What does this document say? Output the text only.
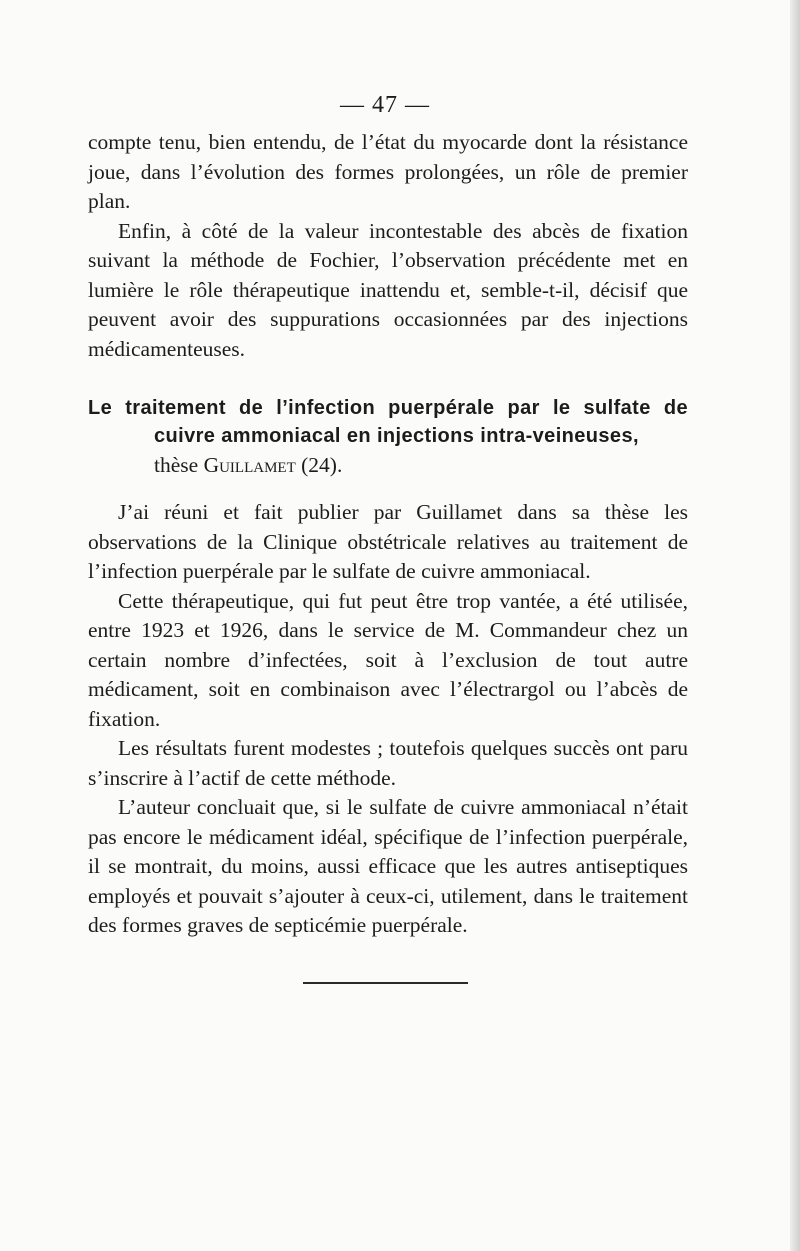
— 47 —

compte tenu, bien entendu, de l’état du myocarde dont la résistance joue, dans l’évolution des formes prolongées, un rôle de premier plan.

Enfin, à côté de la valeur incontestable des abcès de fixation suivant la méthode de Fochier, l’observation précédente met en lumière le rôle thérapeutique inattendu et, semble-t-il, décisif que peuvent avoir des suppurations occasionnées par des injections médicamenteuses.

Le traitement de l’infection puerpérale par le sulfate de cuivre ammoniacal en injections intra-veineuses,

thèse Guillamet (24).

J’ai réuni et fait publier par Guillamet dans sa thèse les observations de la Clinique obstétricale relatives au traitement de l’infection puerpérale par le sulfate de cuivre ammoniacal.

Cette thérapeutique, qui fut peut être trop vantée, a été utilisée, entre 1923 et 1926, dans le service de M. Commandeur chez un certain nombre d’infectées, soit à l’exclusion de tout autre médicament, soit en combinaison avec l’électrargol ou l’abcès de fixation.

Les résultats furent modestes ; toutefois quelques succès ont paru s’inscrire à l’actif de cette méthode.

L’auteur concluait que, si le sulfate de cuivre ammoniacal n’était pas encore le médicament idéal, spécifique de l’infection puerpérale, il se montrait, du moins, aussi efficace que les autres antiseptiques employés et pouvait s’ajouter à ceux-ci, utilement, dans le traitement des formes graves de septicémie puerpérale.
